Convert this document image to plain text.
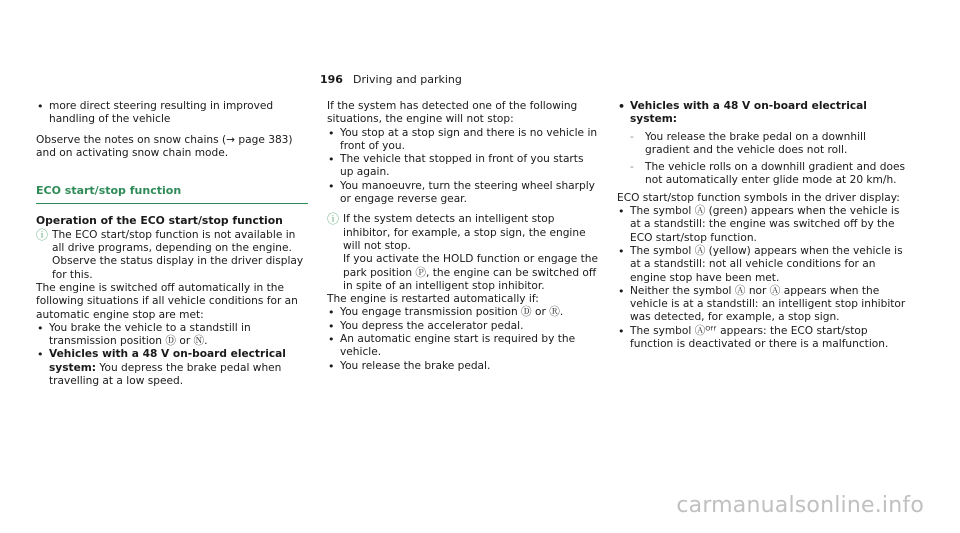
196 Driving and parking

• more direct steering resulting in improved handling of the vehicle

Observe the notes on snow chains (→ page 383) and on activating snow chain mode.

ECO start/stop function
Operation of the ECO start/stop function
ⓘ The ECO start/stop function is not available in all drive programs, depending on the engine. Observe the status display in the driver display for this.

The engine is switched off automatically in the following situations if all vehicle conditions for an automatic engine stop are met:

• You brake the vehicle to a standstill in transmission position Ⓓ or Ⓝ.

• Vehicles with a 48 V on-board electrical system: You depress the brake pedal when travelling at a low speed.

If the system has detected one of the following situations, the engine will not stop:

• You stop at a stop sign and there is no vehicle in front of you.

• The vehicle that stopped in front of you starts up again.

• You manoeuvre, turn the steering wheel sharply or engage reverse gear.

ⓘ If the system detects an intelligent stop inhibitor, for example, a stop sign, the engine will not stop.

If you activate the HOLD function or engage the park position Ⓟ, the engine can be switched off in spite of an intelligent stop inhibitor.

The engine is restarted automatically if:

• You engage transmission position Ⓓ or Ⓡ.

• You depress the accelerator pedal.

• An automatic engine start is required by the vehicle.

• You release the brake pedal.

• Vehicles with a 48 V on-board electrical system:

- You release the brake pedal on a downhill gradient and the vehicle does not roll.

- The vehicle rolls on a downhill gradient and does not automatically enter glide mode at 20 km/h.

ECO start/stop function symbols in the driver display:

• The symbol Ⓐ (green) appears when the vehicle is at a standstill: the engine was switched off by the ECO start/stop function.

• The symbol Ⓐ (yellow) appears when the vehicle is at a standstill: not all vehicle conditions for an engine stop have been met.

• Neither the symbol Ⓐ nor Ⓐ appears when the vehicle is at a standstill: an intelligent stop inhibitor was detected, for example, a stop sign.

• The symbol Ⓐᴼᶠᶠ appears: the ECO start/stop function is deactivated or there is a malfunction.

carmanualsonline.info
